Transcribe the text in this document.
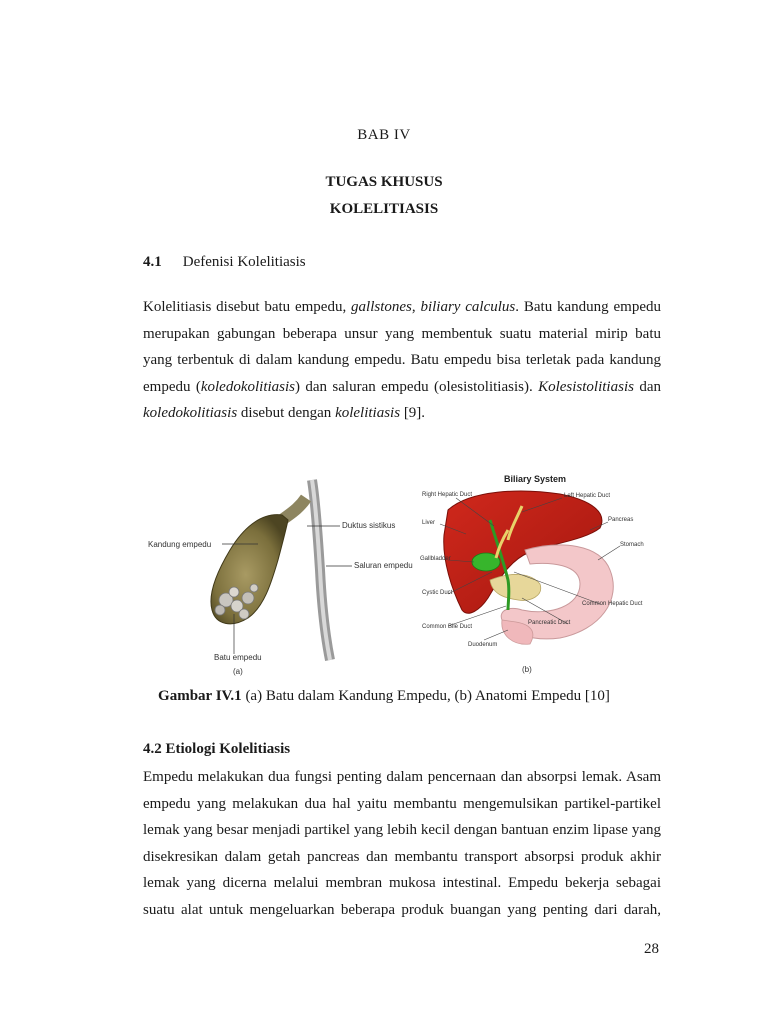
BAB IV
TUGAS KHUSUS
KOLELITIASIS
4.1 Defenisi Kolelitiasis
Kolelitiasis disebut batu empedu, gallstones, biliary calculus. Batu kandung empedu
merupakan gabungan beberapa unsur yang membentuk suatu material mirip batu
yang terbentuk di dalam kandung empedu. Batu empedu bisa terletak pada kandung
empedu (koledokolitiasis) dan saluran empedu (olesistolitiasis). Kolesistolitiasis dan
koledokolitiasis disebut dengan kolelitiasis [9].
Kandung empedu
Duktus sistikus
Saluran empedu
Batu empedu
(a)
Biliary System
Right Hepatic Duct	Left Hepatic Duct
Liver	Pancreas
Gallbladder
Stomach
Cystic Duct
Common Hepatic Duct
Common Bile Duct
Pancreatic Duct
Duodenum
(b)
Gambar IV.1 (a) Batu dalam Kandung Empedu, (b) Anatomi Empedu [10]
4.2 Etiologi Kolelitiasis
Empedu melakukan dua fungsi penting dalam pencernaan dan absorpsi lemak. Asam
empedu yang melakukan dua hal yaitu membantu mengemulsikan partikel-partikel
lemak yang besar menjadi partikel yang lebih kecil dengan bantuan enzim lipase yang
disekresikan dalam getah pancreas dan membantu transport absorpsi produk akhir
lemak yang dicerna melalui membran mukosa intestinal. Empedu bekerja sebagai
suatu alat untuk mengeluarkan beberapa produk buangan yang penting dari darah,
28
